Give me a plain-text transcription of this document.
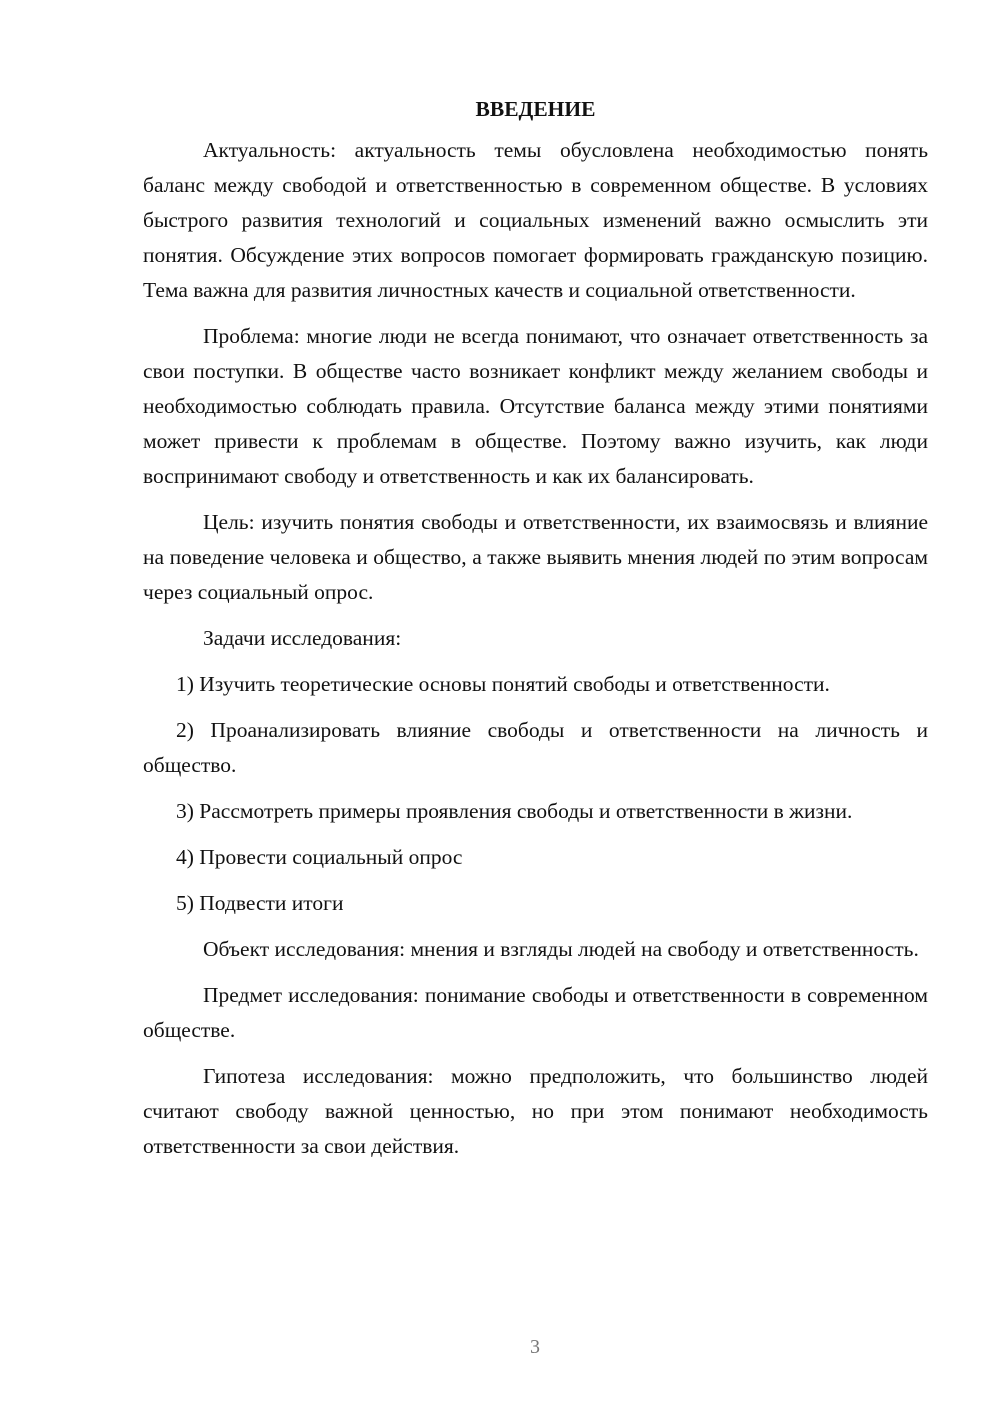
ВВЕДЕНИЕ

Актуальность: актуальность темы обусловлена необходимостью понять баланс между свободой и ответственностью в современном обществе. В условиях быстрого развития технологий и социальных изменений важно осмыслить эти понятия. Обсуждение этих вопросов помогает формировать гражданскую позицию. Тема важна для развития личностных качеств и социальной ответственности.

Проблема: многие люди не всегда понимают, что означает ответственность за свои поступки. В обществе часто возникает конфликт между желанием свободы и необходимостью соблюдать правила. Отсутствие баланса между этими понятиями может привести к проблемам в обществе. Поэтому важно изучить, как люди воспринимают свободу и ответственность и как их балансировать.

Цель: изучить понятия свободы и ответственности, их взаимосвязь и влияние на поведение человека и общество, а также выявить мнения людей по этим вопросам через социальный опрос.

Задачи исследования:

1) Изучить теоретические основы понятий свободы и ответственности.

2) Проанализировать влияние свободы и ответственности на личность и общество.

3) Рассмотреть примеры проявления свободы и ответственности в жизни.

4) Провести социальный опрос

5) Подвести итоги

Объект исследования: мнения и взгляды людей на свободу и ответственность.

Предмет исследования: понимание свободы и ответственности в современном обществе.

Гипотеза исследования: можно предположить, что большинство людей считают свободу важной ценностью, но при этом понимают необходимость ответственности за свои действия.

3
